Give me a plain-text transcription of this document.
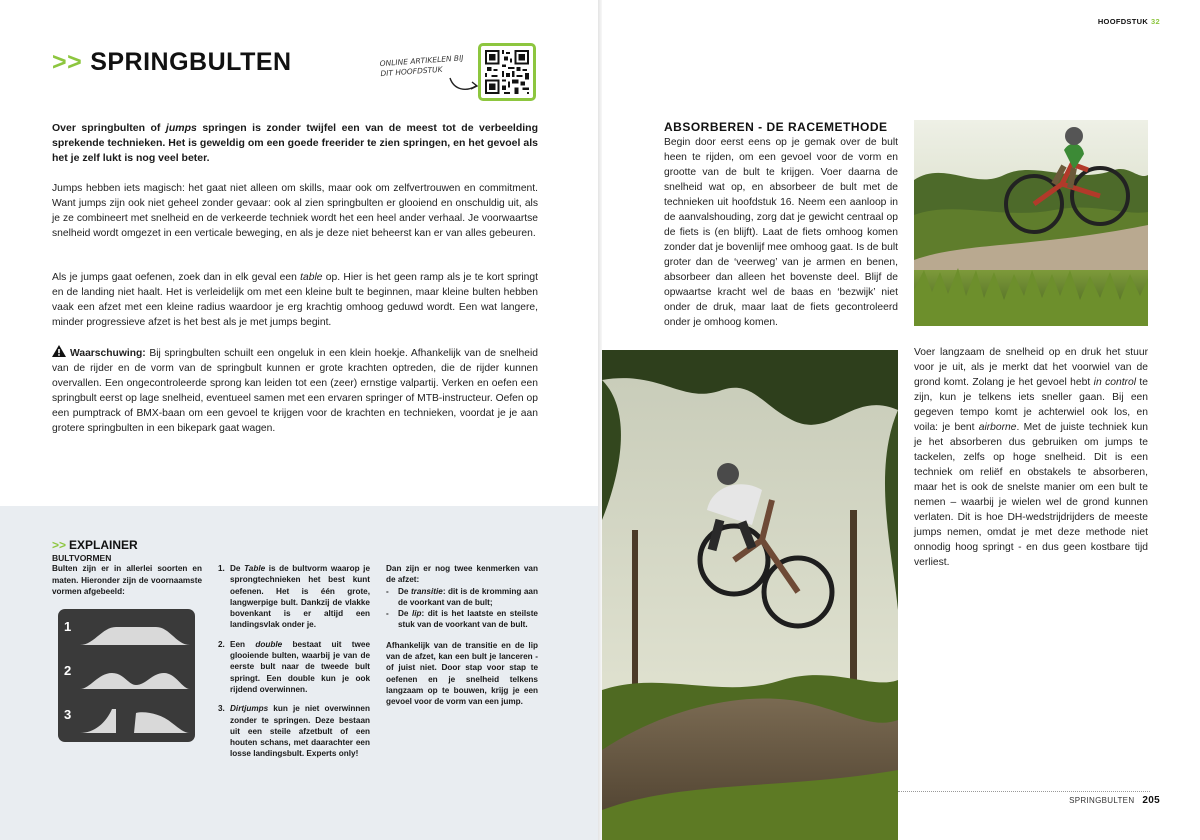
>> SPRINGBULTEN	ONLINE ARTIKELEN BIJ DIT HOOFDSTUK

Over springbulten of jumps springen is zonder twijfel een van de meest tot de verbeelding sprekende technieken. Het is geweldig om een goede freerider te zien springen, en het gevoel als het je zelf lukt is nog veel beter.

Jumps hebben iets magisch: het gaat niet alleen om skills, maar ook om zelfvertrouwen en commitment. Want jumps zijn ook niet geheel zonder gevaar: ook al zien springbulten er glooiend en onschuldig uit, als je ze combineert met snelheid en de verkeerde techniek wordt het een heel ander verhaal. Je voorwaartse snelheid wordt omgezet in een verticale beweging, en als je deze niet beheerst kan er van alles gebeuren.

Als je jumps gaat oefenen, zoek dan in elk geval een table op. Hier is het geen ramp als je te kort springt en de landing niet haalt. Het is verleidelijk om met een kleine bult te beginnen, maar kleine bulten hebben vaak een afzet met een kleine radius waardoor je erg krachtig omhoog geduwd wordt. Een wat langere, minder progressieve afzet is het best als je met jumps begint.

Waarschuwing: Bij springbulten schuilt een ongeluk in een klein hoekje. Afhankelijk van de snelheid van de rijder en de vorm van de springbult kunnen er grote krachten optreden, die de rijder kunnen overvallen. Een ongecontroleerde sprong kan leiden tot een (zeer) ernstige valpartij. Verken en oefen een springbult eerst op lage snelheid, eventueel samen met een ervaren springer of MTB-instructeur. Oefen op een pumptrack of BMX-baan om een gevoel te krijgen voor de krachten en technieken, voordat je je aan grotere springbulten in een bikepark gaat wagen.

>> EXPLAINER
BULTVORMEN
Bulten zijn er in allerlei soorten en maten. Hieronder zijn de voornaamste vormen afgebeeld:
1
2
3
1. De Table is de bultvorm waarop je sprongtechnieken het best kunt oefenen. Het is één grote, langwerpige bult. Dankzij de vlakke bovenkant is er altijd een landingsvlak onder je.
2. Een double bestaat uit twee glooiende bulten, waarbij je van de eerste bult naar de tweede bult springt. Een double kun je ook rijdend overwinnen.
3. Dirtjumps kun je niet overwinnen zonder te springen. Deze bestaan uit een steile afzetbult of een houten schans, met daarachter een losse landingsbult. Experts only!
Dan zijn er nog twee kenmerken van de afzet:
- De transitie: dit is de kromming aan de voorkant van de bult;
- De lip: dit is het laatste en steilste stuk van de voorkant van de bult.
Afhankelijk van de transitie en de lip van de afzet, kan een bult je lanceren - of juist niet. Door stap voor stap te oefenen en je snelheid telkens langzaam op te bouwen, krijg je een gevoel voor de vorm van een jump.
HOOFDSTUK 32
ABSORBEREN - DE RACEMETHODE

Begin door eerst eens op je gemak over de bult heen te rijden, om een gevoel voor de vorm en grootte van de bult te krijgen. Voer daarna de snelheid wat op, en absorbeer de bult met de technieken uit hoofdstuk 16. Neem een aanloop in de aanvalshouding, zorg dat je gewicht centraal op de fiets is (en blijft). Laat de fiets omhoog komen zonder dat je bovenlijf mee omhoog gaat. Is de bult groter dan de ‘veerweg’ van je armen en benen, absorbeer dan alleen het bovenste deel. Blijf de opwaartse kracht wel de baas en ‘bezwijk’ niet onder de druk, maar laat de fiets gecontroleerd onder je omhoog komen.

Voer langzaam de snelheid op en druk het stuur voor je uit, als je merkt dat het voorwiel van de grond komt. Zolang je het gevoel hebt in control te zijn, kun je telkens iets sneller gaan. Bij een gegeven tempo komt je achterwiel ook los, en voila: je bent airborne. Met de juiste techniek kun je het absorberen dus gebruiken om jumps te tackelen, zelfs op hoge snelheid. Dit is een techniek om reliëf en obstakels te absorberen, maar het is ook de snelste manier om een bult te nemen – waarbij je wielen wel de grond kunnen verlaten. Dit is hoe DH-wedstrijdrijders de meeste jumps nemen, omdat je met deze methode niet onnodig hoog springt - en dus geen kostbare tijd verliest.

SPRINGBULTEN 205
